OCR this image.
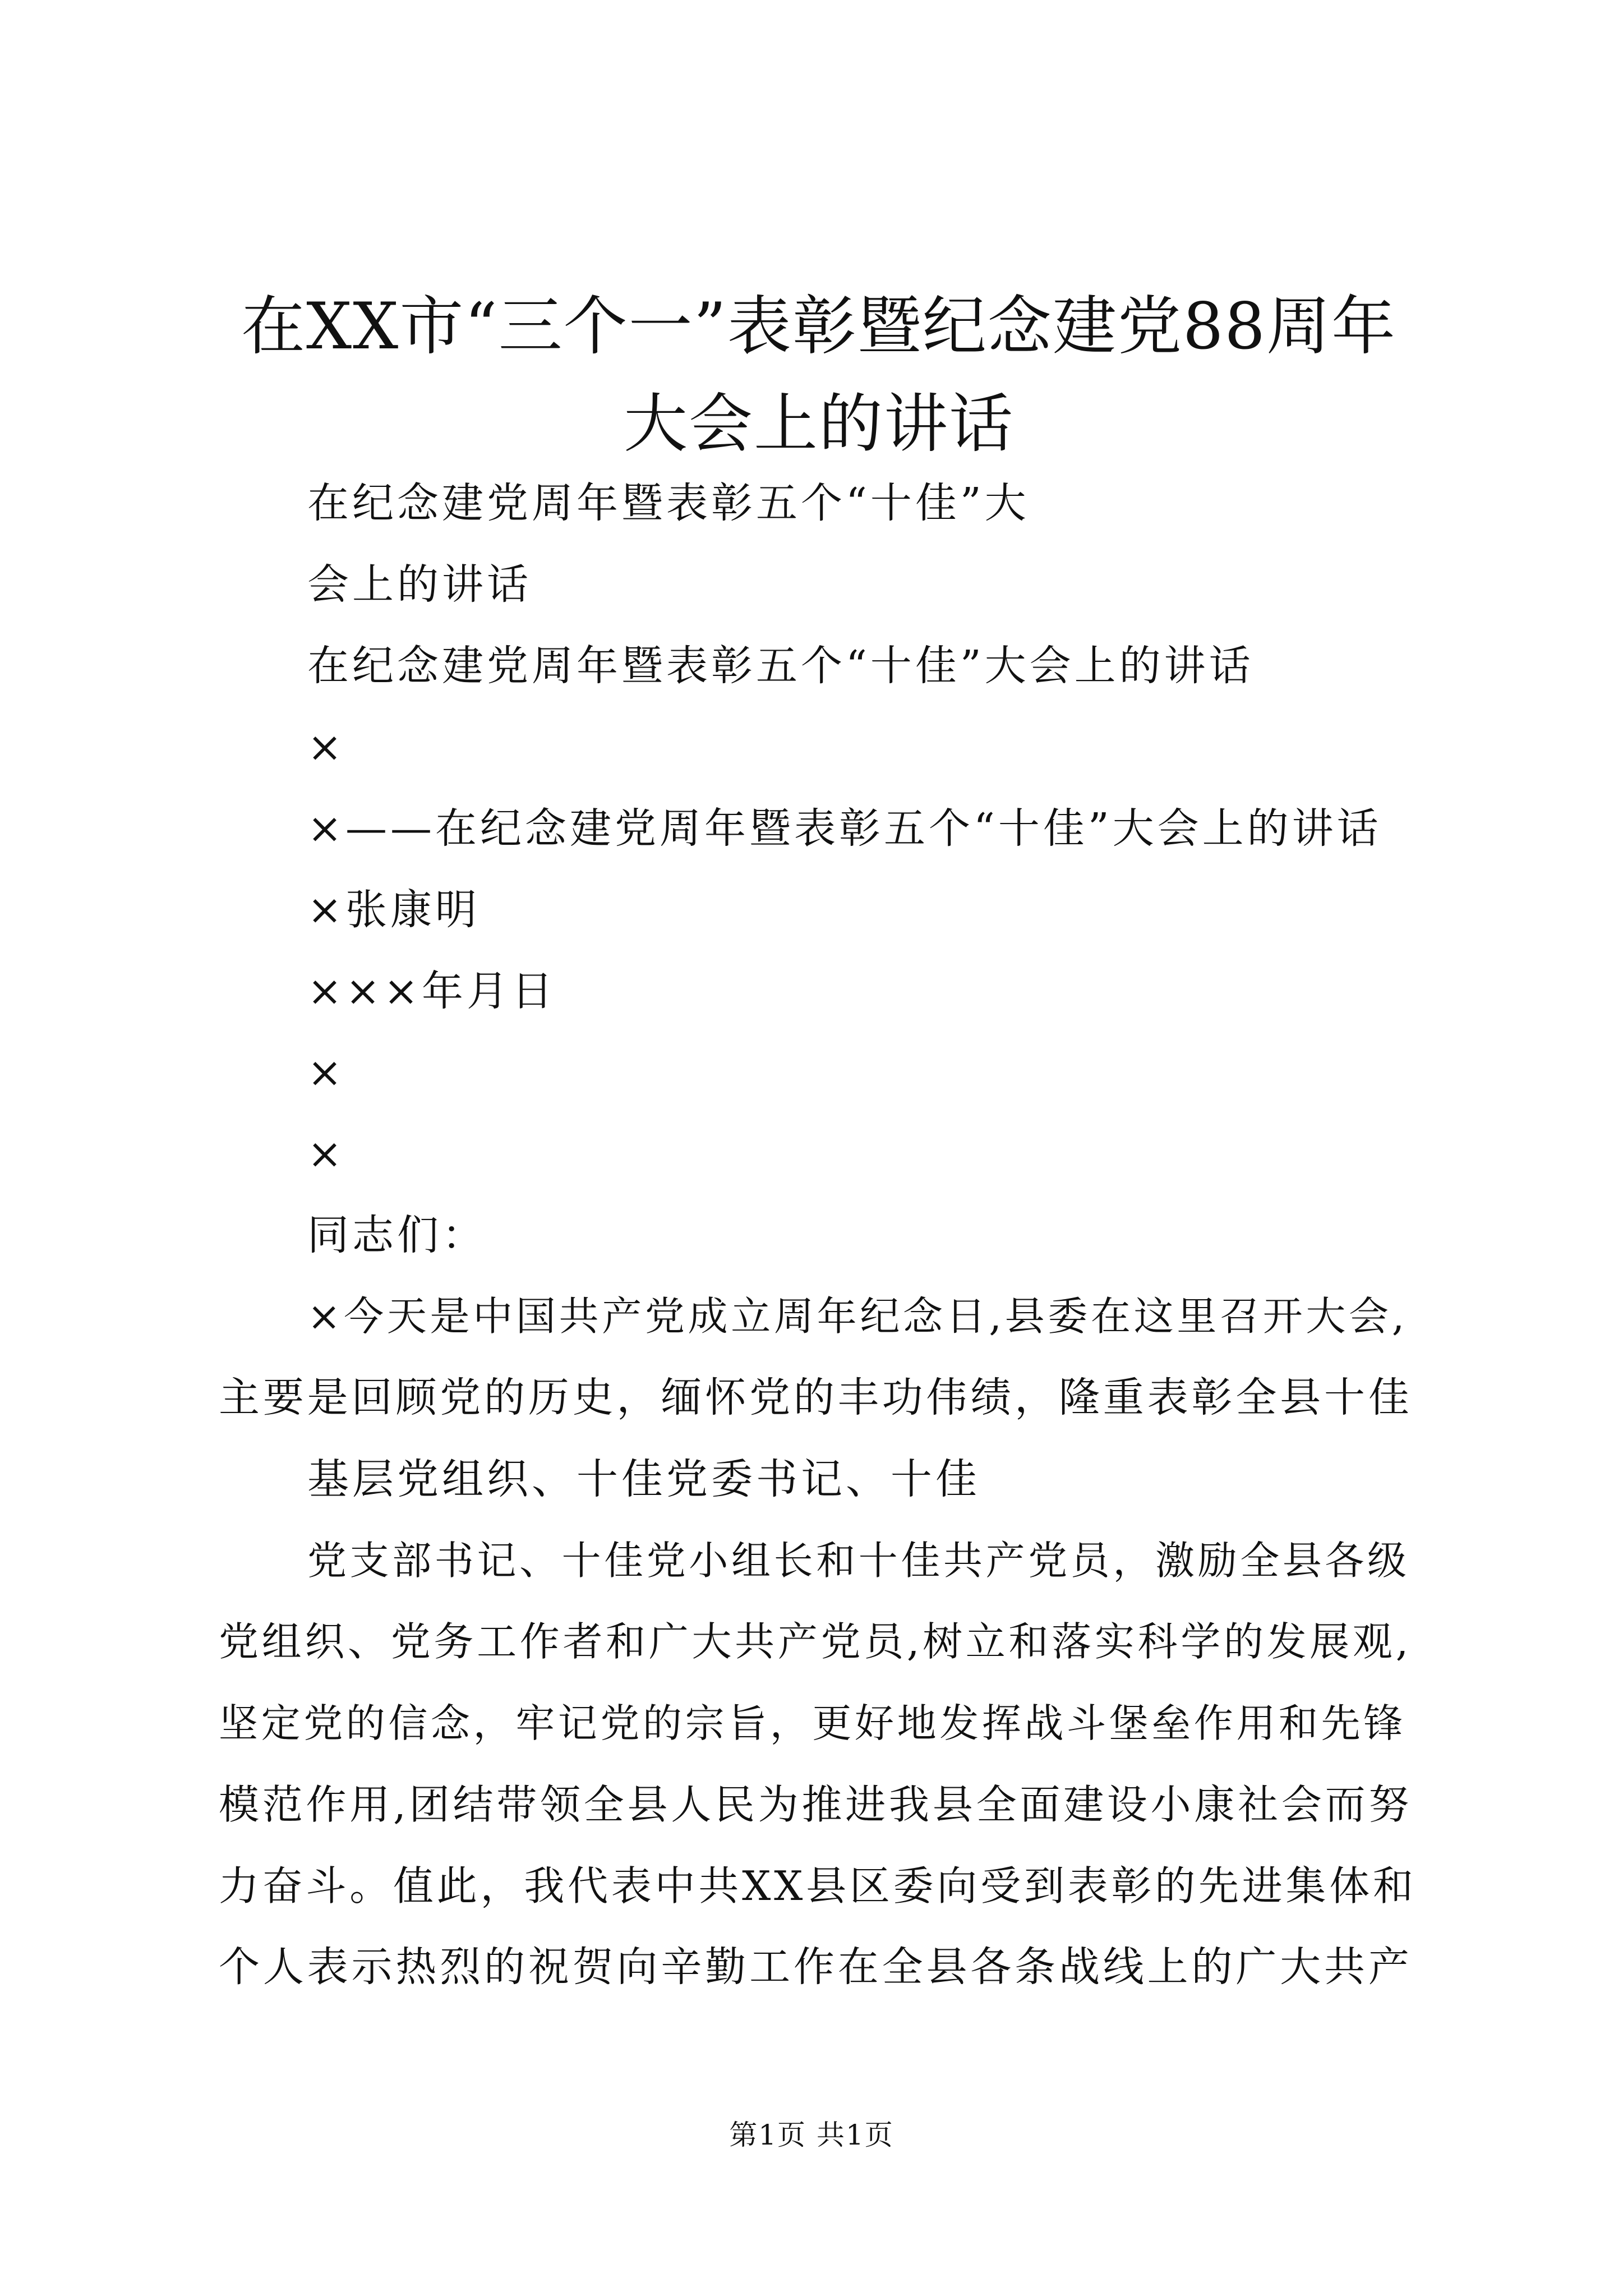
在XX市“三个一”表彰暨纪念建党88周年大会上的讲话

在纪念建党周年暨表彰五个“十佳”大

会上的讲话

在纪念建党周年暨表彰五个“十佳”大会上的讲话

×

×——在纪念建党周年暨表彰五个“十佳”大会上的讲话

×张康明

×××年月日

×

×

同志们：

×今天是中国共产党成立周年纪念日,县委在这里召开大会,

主要是回顾党的历史，缅怀党的丰功伟绩，隆重表彰全县十佳

基层党组织、十佳党委书记、十佳

党支部书记、十佳党小组长和十佳共产党员，激励全县各级

党组织、党务工作者和广大共产党员,树立和落实科学的发展观,

坚定党的信念，牢记党的宗旨，更好地发挥战斗堡垒作用和先锋

模范作用,团结带领全县人民为推进我县全面建设小康社会而努

力奋斗。值此，我代表中共XX县区委向受到表彰的先进集体和

个人表示热烈的祝贺向辛勤工作在全县各条战线上的广大共产

第1页 共1页
